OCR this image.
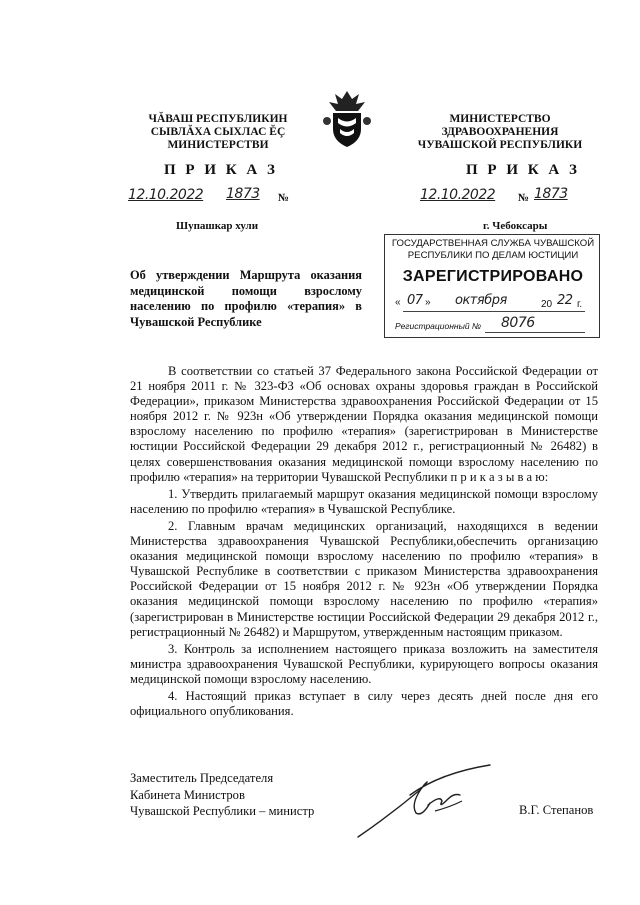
ЧĂВАШ РЕСПУБЛИКИН
СЫВЛĂХА СЫХЛАС ĔÇ
МИНИСТЕРСТВИ
П Р И К А З
12.10.2022 1873 №
Шупашкар хули
МИНИСТЕРСТВО
ЗДРАВООХРАНЕНИЯ
ЧУВАШСКОЙ РЕСПУБЛИКИ
П Р И К А З
12.10.2022 № 1873
г. Чебоксары
Об утверждении Маршрута оказания медицинской помощи взрослому населению по профилю «терапия» в Чувашской Республике
ГОСУДАРСТВЕННАЯ СЛУЖБА ЧУВАШСКОЙ
РЕСПУБЛИКИ ПО ДЕЛАМ ЮСТИЦИИ
ЗАРЕГИСТРИРОВАНО
« 07 » октября	20 22 г.
Регистрационный № 8076

В соответствии со статьей 37 Федерального закона Российской Федерации от 21 ноября 2011 г. № 323-ФЗ «Об основах охраны здоровья граждан в Российской Федерации», приказом Министерства здравоохранения Российской Федерации от 15 ноября 2012 г. № 923н «Об утверждении Порядка оказания медицинской помощи взрослому населению по профилю «терапия» (зарегистрирован в Министерстве юстиции Российской Федерации 29 декабря 2012 г., регистрационный № 26482) в целях совершенствования оказания медицинской помощи взрослому населению по профилю «терапия» на территории Чувашской Республики п р и к а з ы в а ю:

1. Утвердить прилагаемый маршрут оказания медицинской помощи взрослому населению по профилю «терапия» в Чувашской Республике.

2. Главным врачам медицинских организаций, находящихся в ведении Министерства здравоохранения Чувашской Республики,обеспечить организацию оказания медицинской помощи взрослому населению по профилю «терапия» в Чувашской Республике в соответствии с приказом Министерства здравоохранения Российской Федерации от 15 ноября 2012 г. № 923н «Об утверждении Порядка оказания медицинской помощи взрослому населению по профилю «терапия» (зарегистрирован в Министерстве юстиции Российской Федерации 29 декабря 2012 г., регистрационный № 26482) и Маршрутом, утвержденным настоящим приказом.

3. Контроль за исполнением настоящего приказа возложить на заместителя министра здравоохранения Чувашской Республики, курирующего вопросы оказания медицинской помощи взрослому населению.

4. Настоящий приказ вступает в силу через десять дней после дня его официального опубликования.

Заместитель Председателя
Кабинета Министров
Чувашской Республики – министр	В.Г. Степанов
